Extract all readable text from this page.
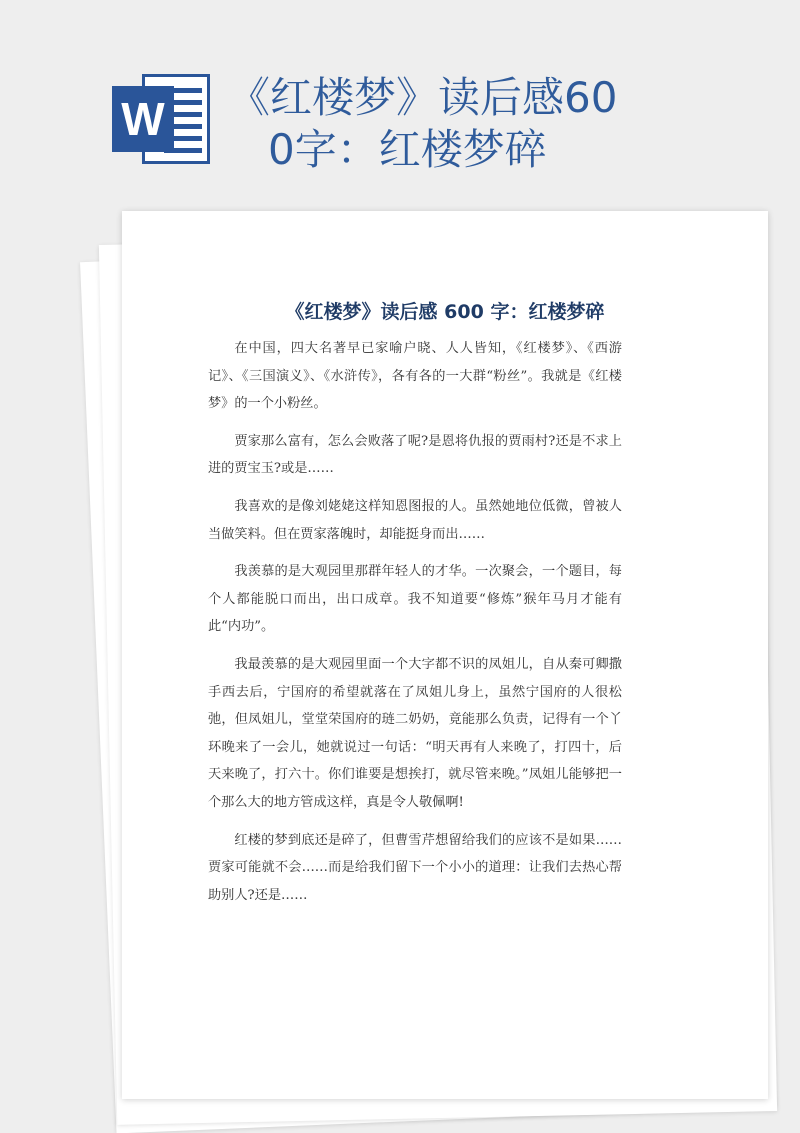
W 《红楼梦》读后感60
0字：红楼梦碎
《红楼梦》读后感 600 字：红楼梦碎

在中国，四大名著早已家喻户晓、人人皆知，《红楼梦》、《西游记》、《三国演义》、《水浒传》，各有各的一大群“粉丝”。我就是《红楼梦》的一个小粉丝。

贾家那么富有，怎么会败落了呢?是恩将仇报的贾雨村?还是不求上进的贾宝玉?或是……

我喜欢的是像刘姥姥这样知恩图报的人。虽然她地位低微，曾被人当做笑料。但在贾家落魄时，却能挺身而出……

我羡慕的是大观园里那群年轻人的才华。一次聚会，一个题目，每个人都能脱口而出，出口成章。我不知道要“修炼”猴年马月才能有此“内功”。

我最羡慕的是大观园里面一个大字都不识的凤姐儿，自从秦可卿撒手西去后，宁国府的希望就落在了凤姐儿身上，虽然宁国府的人很松弛，但凤姐儿，堂堂荣国府的琏二奶奶，竟能那么负责，记得有一个丫环晚来了一会儿，她就说过一句话：“明天再有人来晚了，打四十，后天来晚了，打六十。你们谁要是想挨打，就尽管来晚。”凤姐儿能够把一个那么大的地方管成这样，真是令人敬佩啊!

红楼的梦到底还是碎了，但曹雪芹想留给我们的应该不是如果……贾家可能就不会……而是给我们留下一个小小的道理：让我们去热心帮助别人?还是……
